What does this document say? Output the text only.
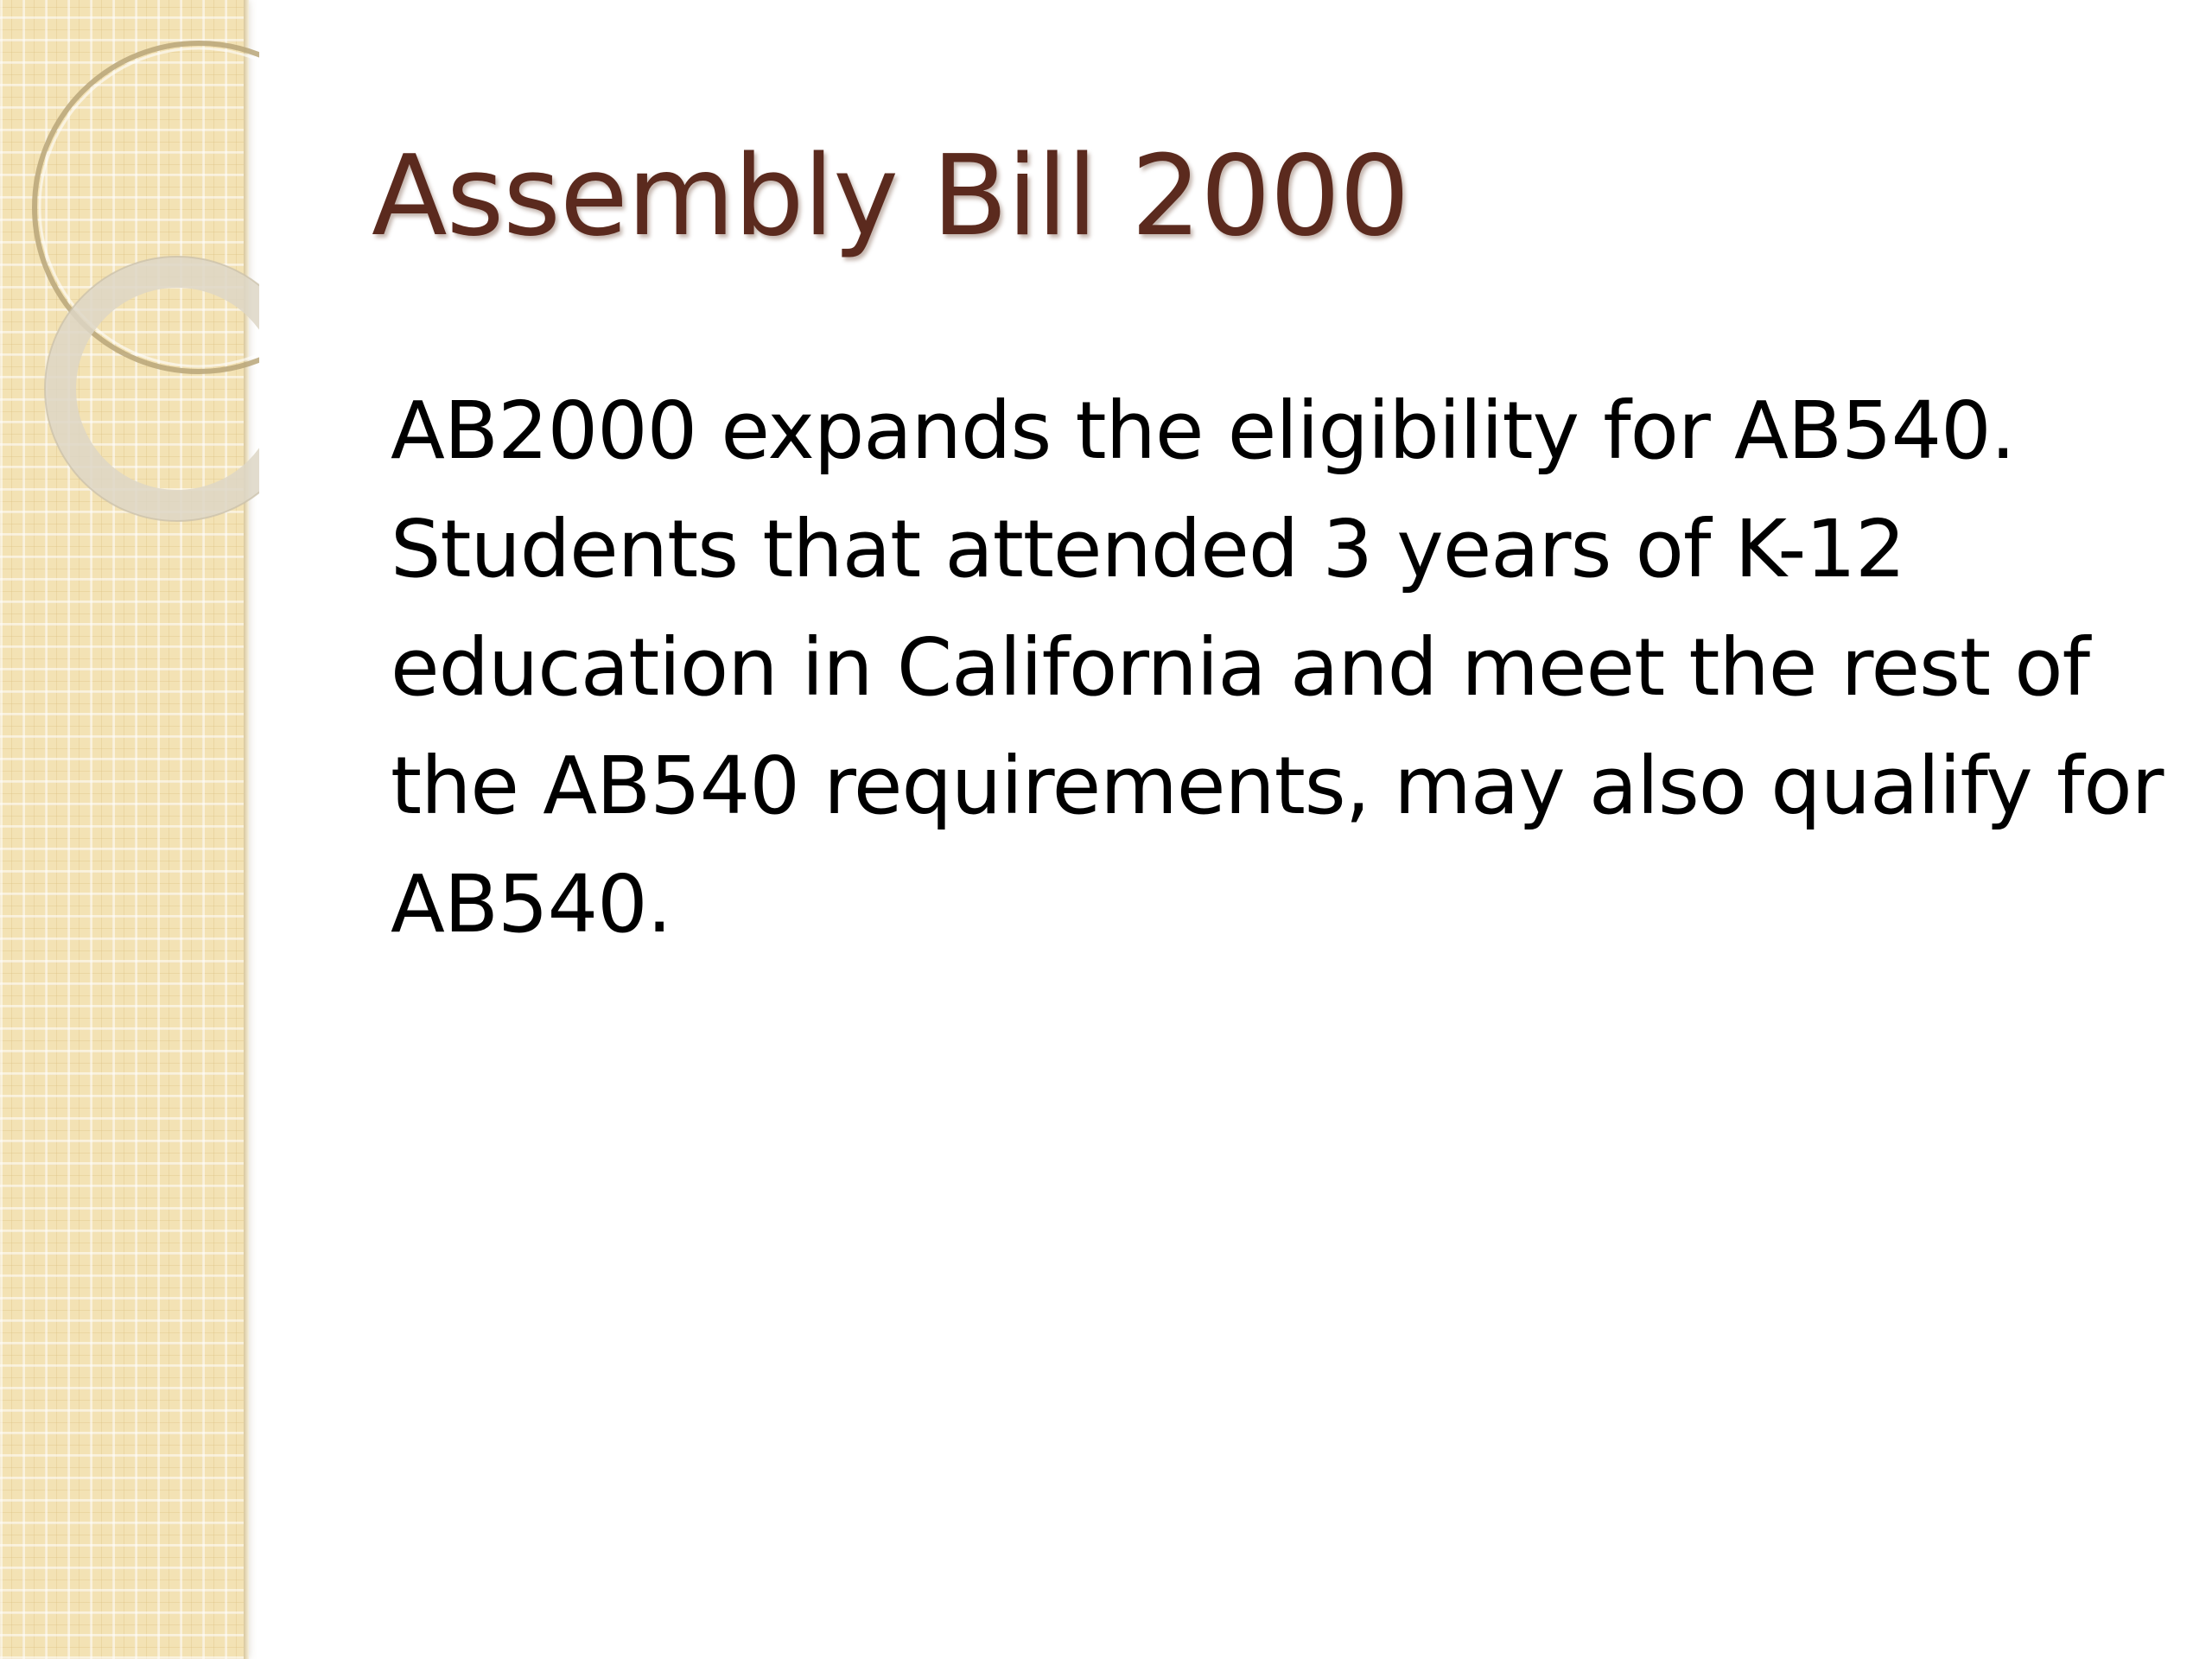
Assembly Bill 2000

AB2000 expands the eligibility for AB540. Students that attended 3 years of K-12 education in California and meet the rest of the AB540 requirements, may also qualify for AB540.
